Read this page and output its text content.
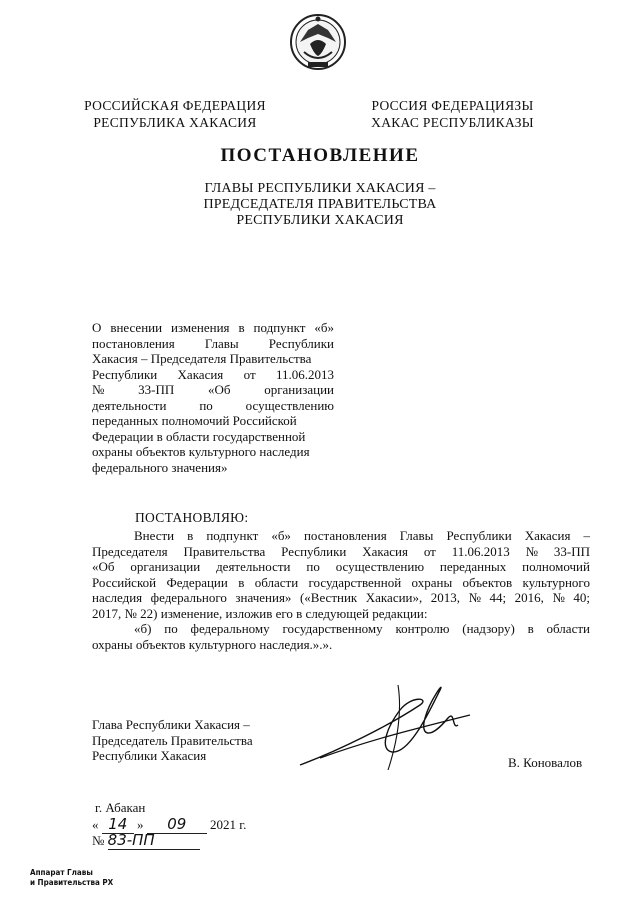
РОССИЙСКАЯ ФЕДЕРАЦИЯ
РЕСПУБЛИКА ХАКАСИЯ
РОССИЯ ФЕДЕРАЦИЯЗЫ
ХАКАС РЕСПУБЛИКАЗЫ
ПОСТАНОВЛЕНИЕ
ГЛАВЫ РЕСПУБЛИКИ ХАКАСИЯ –
ПРЕДСЕДАТЕЛЯ ПРАВИТЕЛЬСТВА
РЕСПУБЛИКИ ХАКАСИЯ
О внесении изменения в подпункт «б»
постановления Главы Республики
Хакасия – Председателя Правительства
Республики Хакасия от 11.06.2013
№	33-ПП	«Об	организации
деятельности	по	осуществлению
переданных полномочий Российской
Федерации в области государственной
охраны объектов культурного наследия
федерального значения»
ПОСТАНОВЛЯЮ:
Внести в подпункт «б» постановления Главы Республики Хакасия –
Председателя Правительства Республики Хакасия от 11.06.2013 № 33-ПП
«Об организации деятельности по осуществлению переданных полномочий
Российской Федерации в области государственной охраны объектов культурного
наследия федерального значения» («Вестник Хакасии», 2013, № 44; 2016, № 40;
2017, № 22) изменение, изложив его в следующей редакции:
«б) по федеральному государственному контролю (надзору) в области
охраны объектов культурного наследия.».».
Глава Республики Хакасия –
Председатель Правительства
Республики Хакасия	В. Коновалов
г. Абакан
« 14 » 09 2021 г.
№ 83-ПП
Аппарат Главы
и Правительства РХ
